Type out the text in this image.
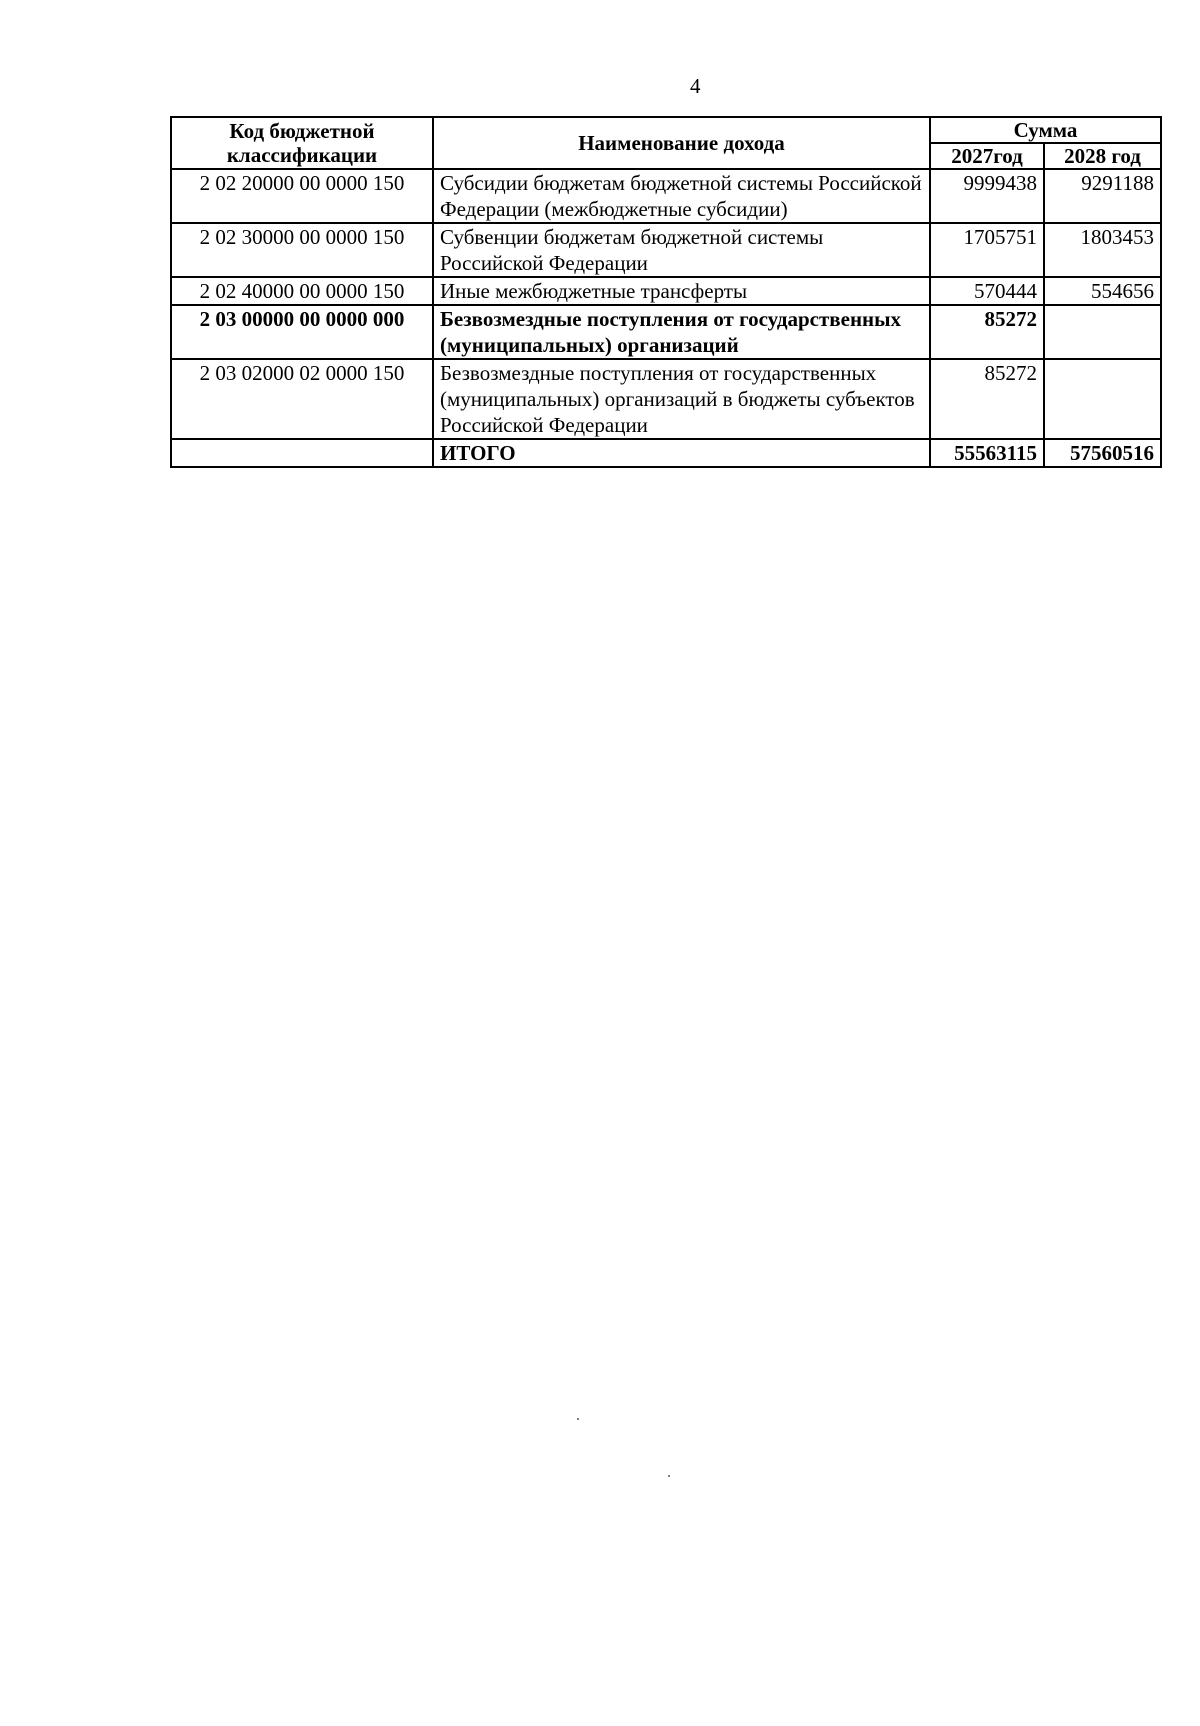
4
Код бюджетной классификации	Наименование дохода	Сумма	
		2027год	2028 год
2 02 20000 00 0000 150	Субсидии бюджетам бюджетной системы Российской Федерации (межбюджетные субсидии)	9999438	9291188
2 02 30000 00 0000 150	Субвенции бюджетам бюджетной системы Российской Федерации	1705751	1803453
2 02 40000 00 0000 150	Иные межбюджетные трансферты	570444	554656
2 03 00000 00 0000 000	Безвозмездные поступления от государственных (муниципальных) организаций	85272	
2 03 02000 02 0000 150	Безвозмездные поступления от государственных (муниципальных) организаций в бюджеты субъектов Российской Федерации	85272	
	ИТОГО	55563115	57560516
